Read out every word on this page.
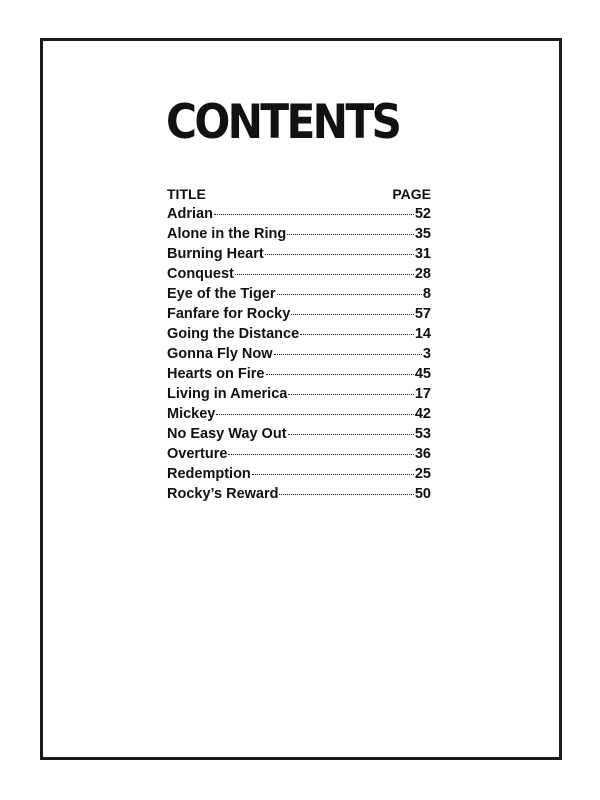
CONTENTS
TITLE	PAGE
Adrian	52
Alone in the Ring	35
Burning Heart	31
Conquest	28
Eye of the Tiger	8
Fanfare for Rocky	57
Going the Distance	14
Gonna Fly Now	3
Hearts on Fire	45
Living in America	17
Mickey	42
No Easy Way Out	53
Overture	36
Redemption	25
Rocky’s Reward	50
